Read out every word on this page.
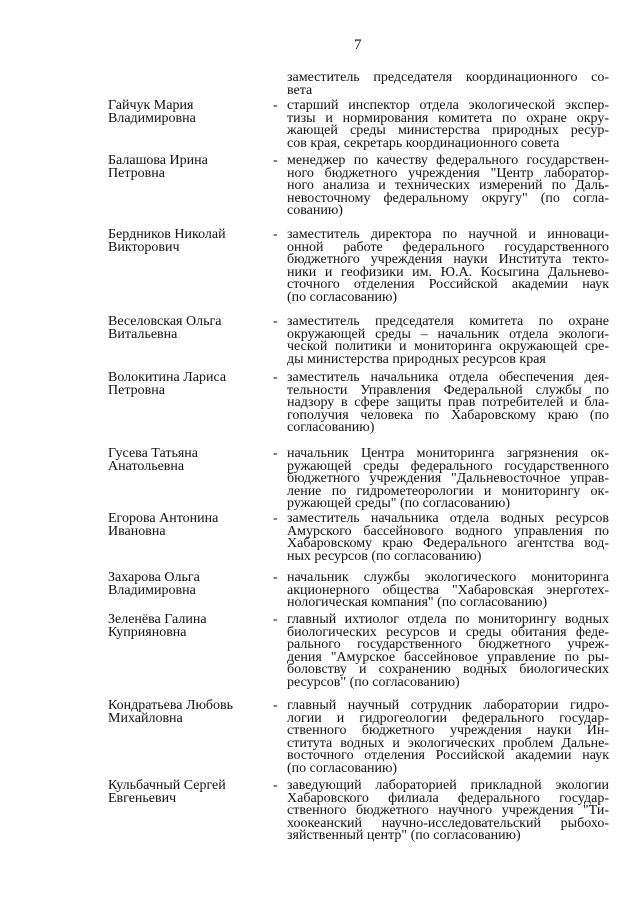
7
заместитель председателя координационного со-
вета
Гайчук Мария
Владимировна
- старший инспектор отдела экологической экспер-
тизы и нормирования комитета по охране окру-
жающей среды министерства природных ресур-
сов края, секретарь координационного совета
Балашова Ирина
Петровна
- менеджер по качеству федерального государствен-
ного бюджетного учреждения "Центр лаборатор-
ного анализа и технических измерений по Даль-
невосточному федеральному округу" (по согла-
сованию)
Бердников Николай
Викторович
- заместитель директора по научной и инноваци-
онной работе федерального государственного
бюджетного учреждения науки Института текто-
ники и геофизики им. Ю.А. Косыгина Дальнево-
сточного отделения Российской академии наук
(по согласованию)
Веселовская Ольга
Витальевна
- заместитель председателя комитета по охране
окружающей среды – начальник отдела экологи-
ческой политики и мониторинга окружающей сре-
ды министерства природных ресурсов края
Волокитина Лариса
Петровна
- заместитель начальника отдела обеспечения дея-
тельности Управления Федеральной службы по
надзору в сфере защиты прав потребителей и бла-
гополучия человека по Хабаровскому краю (по
согласованию)
Гусева Татьяна
Анатольевна
- начальник Центра мониторинга загрязнения ок-
ружающей среды федерального государственного
бюджетного учреждения "Дальневосточное управ-
ление по гидрометеорологии и мониторингу ок-
ружающей среды" (по согласованию)
Егорова Антонина
Ивановна
- заместитель начальника отдела водных ресурсов
Амурского бассейнового водного управления по
Хабаровскому краю Федерального агентства вод-
ных ресурсов (по согласованию)
Захарова Ольга
Владимировна
- начальник службы экологического мониторинга
акционерного общества "Хабаровская энерготех-
нологическая компания" (по согласованию)
Зеленёва Галина
Куприяновна
- главный ихтиолог отдела по мониторингу водных
биологических ресурсов и среды обитания феде-
рального государственного бюджетного учреж-
дения "Амурское бассейновое управление по ры-
боловству и сохранению водных биологических
ресурсов" (по согласованию)
Кондратьева Любовь
Михайловна
- главный научный сотрудник лаборатории гидро-
логии и гидрогеологии федерального государ-
ственного бюджетного учреждения науки Ин-
ститута водных и экологических проблем Дальне-
восточного отделения Российской академии наук
(по согласованию)
Кульбачный Сергей
Евгеньевич
- заведующий лабораторией прикладной экологии
Хабаровского филиала федерального государ-
ственного бюджетного научного учреждения "Ти-
хоокеанский научно-исследовательский рыбохо-
зяйственный центр" (по согласованию)
